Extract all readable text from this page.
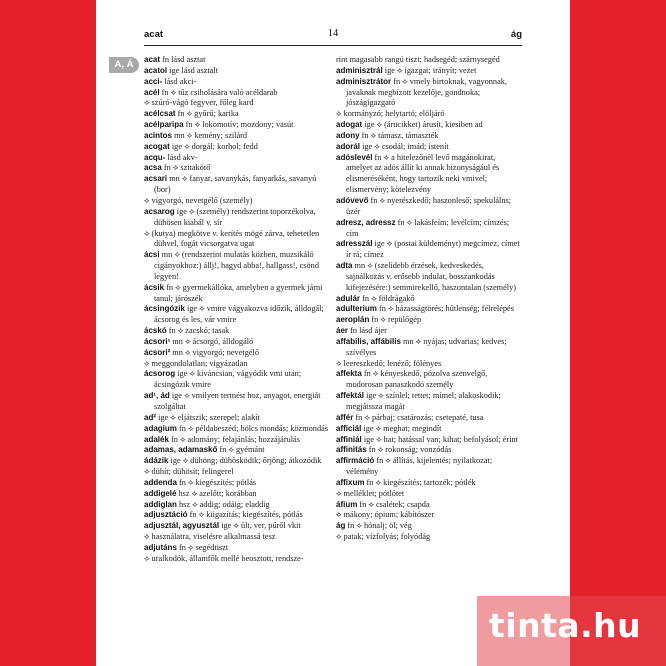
acat	14	ág
A, Á	acat fn lásd asztat

acatol ige lásd asztalt

acci- lásd akci-

acél fn ⟡ tűz csiholására való acéldarab

⟡ szúró-vágó fegyver, főleg kard

acélcsat fn ⟡ gyűrű; karika

acélparipa fn ⟡ lokomotív; mozdony; vasút

acintos mn ⟡ kemény; szilárd

acogat ige ⟡ dorgál; korhol; fedd

acqu- lásd akv-

acsa fn ⟡ szitakötő

acsari mn ⟡ fanyar, savanykás, fanyarkás, savanyú (bor)

⟡ vigyorgó, nevetgélő (személy)

acsarog ige ⟡ (személy) rendszerint toporzékolva, dühösen kiabál v. sír

⟡ (kutya) megkötve v. kerítés mögé zárva, tehetetlen dühvel, fogát vicsorgatva ugat

ácsi mn ⟡ (rendszerint mulatás közben, muzsikáló cigányokhoz:) állj!, hagyd abba!, hallgass!, csönd legyen!

ácsik fn ⟡ gyermekállóka, amelyben a gyermek járni tanul; járószék

ácsingózik ige ⟡ vmire vágyakozva időzik, álldogál; ácsorog és les, vár vmire

ácskó fn ⟡ zacskó; tasak

ácsori¹ mn ⟡ ácsorgó, álldogáló

ácsori² mn ⟡ vigyorgó; nevetgélő

⟡ meggondolatlan; vigyázatlan

ácsorog ige ⟡ kíváncsian, vágyódik vmi után; ácsingózik vmire

ad¹, ád ige ⟡ vmilyen termést hoz, anyagot, energiát szolgáltat

ad² ige ⟡ eljátszik; szerepel; alakít

adagium fn ⟡ példabeszéd; bölcs mondás; közmondás

adalék fn ⟡ adomány; felajánlás; hozzájárulás

adamas, adamaskő fn ⟡ gyémánt

ádázik ige ⟡ dühöng; dühösködik; őrjöng; átkozódik

⟡ dühít; dühösít; felingerel

addenda fn ⟡ kiegészítés; pótlás

addigelé hsz ⟡ azelőtt; korábban

addiglan hsz ⟡ addig; odáig; eladdig

adjusztáció fn ⟡ kiigazítás; kiegészítés, pótlás

adjusztál, agyusztál ige ⟡ ült, ver, pűről vkit

⟡ használatra, viselésre alkalmassá tesz

adjutáns fn ⟡ segédtiszt

⟡ uralkodók, államfők mellé beosztott, rendsze-

rint magasabb rangú tiszt; hadsegéd; szárnysegéd

adminisztrál ige ⟡ igazgat; irányít; vezet

adminisztrátor fn ⟡ vmely birtoknak, vagyonnak, javaknak megbízott kezelője, gondnoka; jószágigazgató

⟡ kormányzó; helytartó; elöljáró

adogat ige ⟡ (árucikket) árusít, kiesiben ad

adony fn ⟡ támasz, támaszték

adorál ige ⟡ csodál; imád; istenít

adóslevél fn ⟡ a hitelezőnél levő magánokirat, amelyet az adós állít ki annak bizonyságául és elismeréséként, hogy tartozik neki vmivel; elismervény; kötelezvény

adóvevő fn ⟡ nyerészkedő; haszonleső; spekulálns; üzér

adresz, adressz fn ⟡ lakásfeím; levélcím; címzés; cím

adresszál ige ⟡ (postai küldeményt) megcímez, címet ír rá; címez

adta mn ⟡ (szelídebb érzések, kedveskedés, sajnálkozás v. erősebb indulat, bosszankodás kifejezésére:) semmirekellő, haszontalan (személy)

adulár fn ⟡ földrágakő

adulterium fn ⟡ házasságtörés; hűtlenség; félrelépés

aeroplán fn ⟡ repülőgép

áer fn lásd ájer

affabilis, affábilis mn ⟡ nyájas; udvarias; kedves; szívélyes

⟡ leereszkedő; lenéző; fölényes

affekta fn ⟡ kényeskedő, pózolva szenvelgő, modorosan panaszkodó személy

affektál ige ⟡ színlel; tettet; mímel; alakoskodik; megjátssza magát

affér fn ⟡ párbaj; csatározás; csetepaté, tusa

afficiál ige ⟡ meghat; megindít

affiniál ige ⟡ hat; hatással van; kihat; befolyásol; érint

affinitás fn ⟡ rokonság; vonzódás

affirmáció fn ⟡ állítás, kijelentés; nyilatkozat; vélemény

affixum fn ⟡ kiegészítés; tartozék; pótlék

⟡ melléklet; pótlótet

áfium fn ⟡ csalétek; csapda

⟡ mákony; ópium; kábítószer

ág fn ⟡ hónalj; öl; vég

⟡ patak; vízfolyás; folyódág

tinta.hu
